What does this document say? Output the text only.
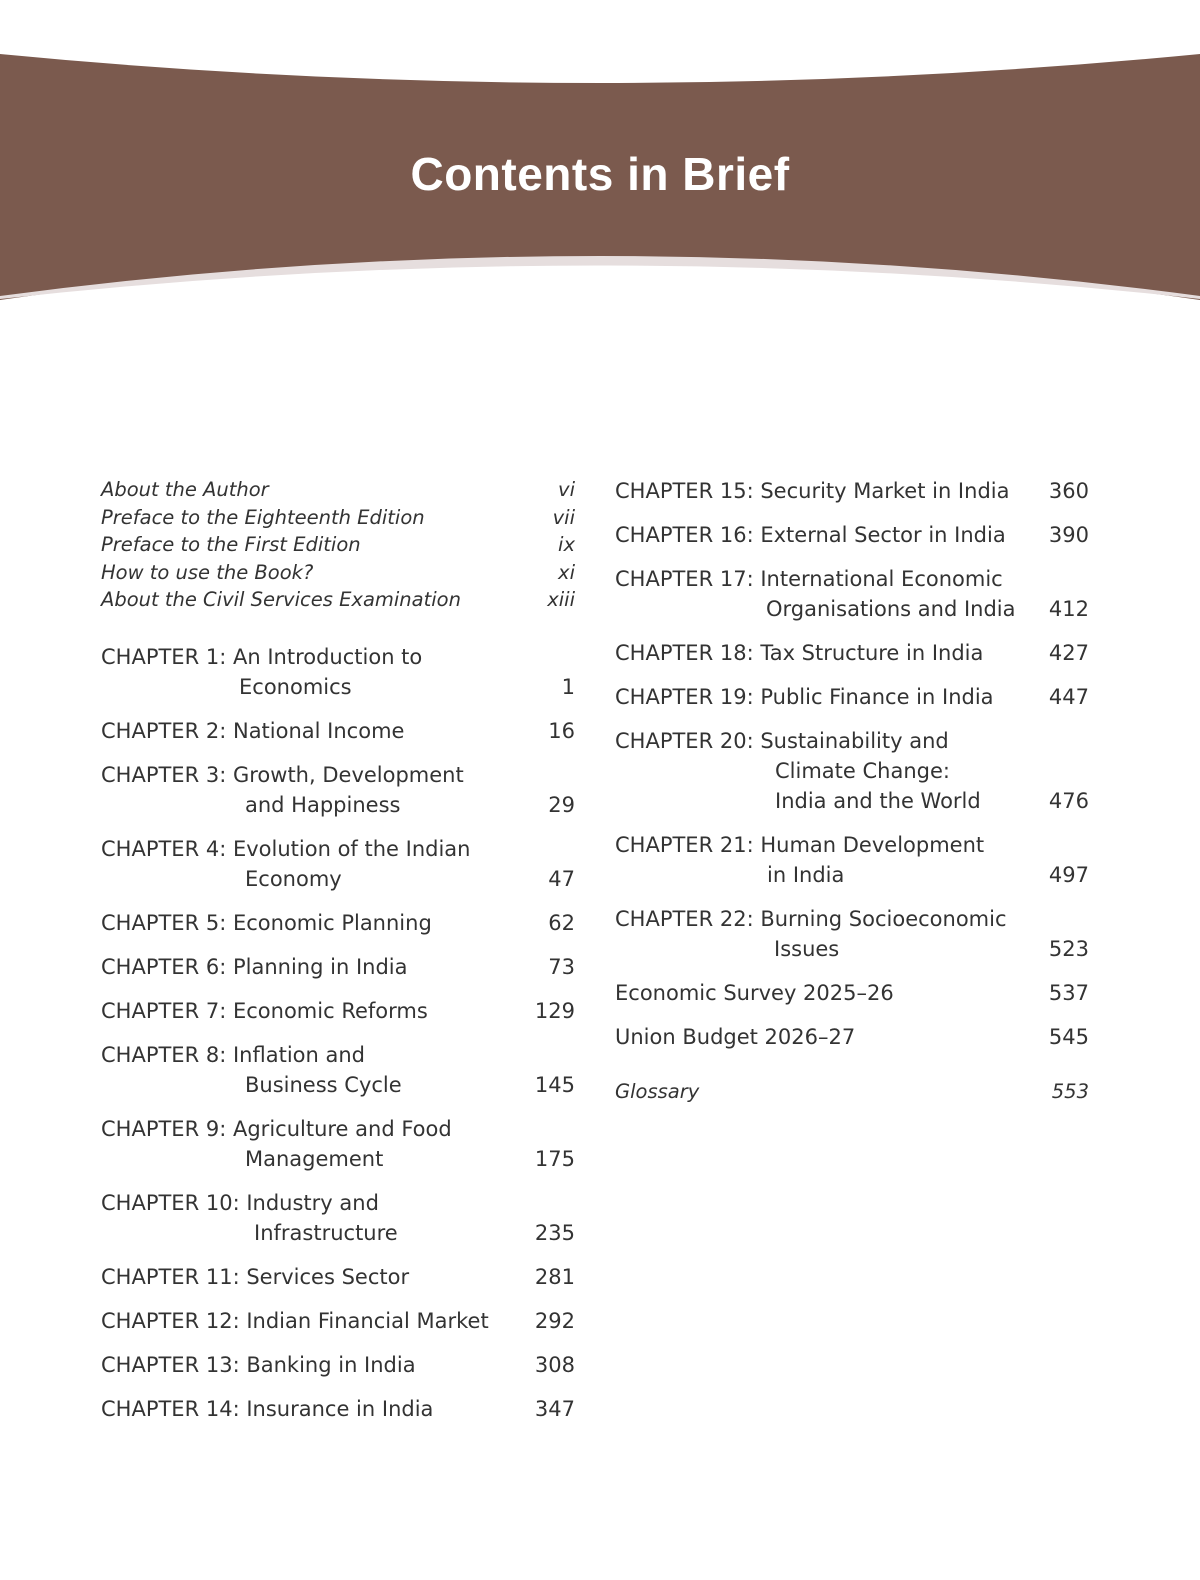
Contents in Brief
About the Author	vi
Preface to the Eighteenth Edition	vii
Preface to the First Edition	ix
How to use the Book?	xi
About the Civil Services Examination	xiii
CHAPTER 1: An Introduction to
Economics	1
CHAPTER 2: National Income	16
CHAPTER 3: Growth, Development
and Happiness	29
CHAPTER 4: Evolution of the Indian
Economy	47
CHAPTER 5: Economic Planning	62
CHAPTER 6: Planning in India	73
CHAPTER 7: Economic Reforms	129
CHAPTER 8: Inflation and
Business Cycle	145
CHAPTER 9: Agriculture and Food
Management	175
CHAPTER 10: Industry and
Infrastructure	235
CHAPTER 11: Services Sector	281
CHAPTER 12: Indian Financial Market	292
CHAPTER 13: Banking in India	308
CHAPTER 14: Insurance in India	347
CHAPTER 15: Security Market in India	360
CHAPTER 16: External Sector in India	390
CHAPTER 17: International Economic
Organisations and India	412
CHAPTER 18: Tax Structure in India	427
CHAPTER 19: Public Finance in India	447
CHAPTER 20: Sustainability and
Climate Change:
India and the World	476
CHAPTER 21: Human Development
in India	497
CHAPTER 22: Burning Socioeconomic
Issues	523
Economic Survey 2025–26	537
Union Budget 2026–27	545
Glossary	553
